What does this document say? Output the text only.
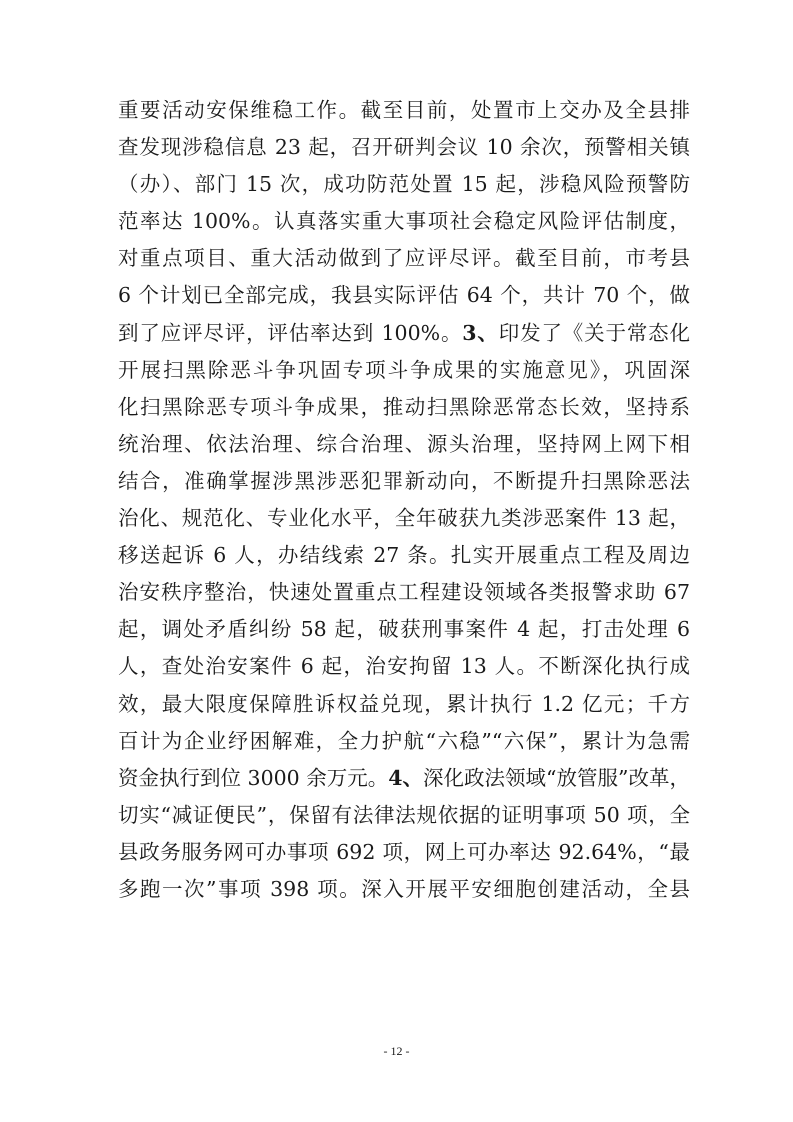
重要活动安保维稳工作。截至目前，处置市上交办及全县排
查发现涉稳信息 23 起，召开研判会议 10 余次，预警相关镇
（办）、部门 15 次，成功防范处置 15 起，涉稳风险预警防
范率达 100%。认真落实重大事项社会稳定风险评估制度，
对重点项目、重大活动做到了应评尽评。截至目前，市考县
6 个计划已全部完成，我县实际评估 64 个，共计 70 个，做
到了应评尽评，评估率达到 100%。3、印发了《关于常态化
开展扫黑除恶斗争巩固专项斗争成果的实施意见》，巩固深
化扫黑除恶专项斗争成果，推动扫黑除恶常态长效，坚持系
统治理、依法治理、综合治理、源头治理，坚持网上网下相
结合，准确掌握涉黑涉恶犯罪新动向，不断提升扫黑除恶法
治化、规范化、专业化水平，全年破获九类涉恶案件 13 起，
移送起诉 6 人，办结线索 27 条。扎实开展重点工程及周边
治安秩序整治，快速处置重点工程建设领域各类报警求助 67
起，调处矛盾纠纷 58 起，破获刑事案件 4 起，打击处理 6
人，查处治安案件 6 起，治安拘留 13 人。不断深化执行成
效，最大限度保障胜诉权益兑现，累计执行 1.2 亿元；千方
百计为企业纾困解难，全力护航“六稳”“六保”，累计为急需
资金执行到位 3000 余万元。4、深化政法领域“放管服”改革，
切实“减证便民”，保留有法律法规依据的证明事项 50 项，全
县政务服务网可办事项 692 项，网上可办率达 92.64%，“最
多跑一次”事项 398 项。深入开展平安细胞创建活动，全县
- 12 -
